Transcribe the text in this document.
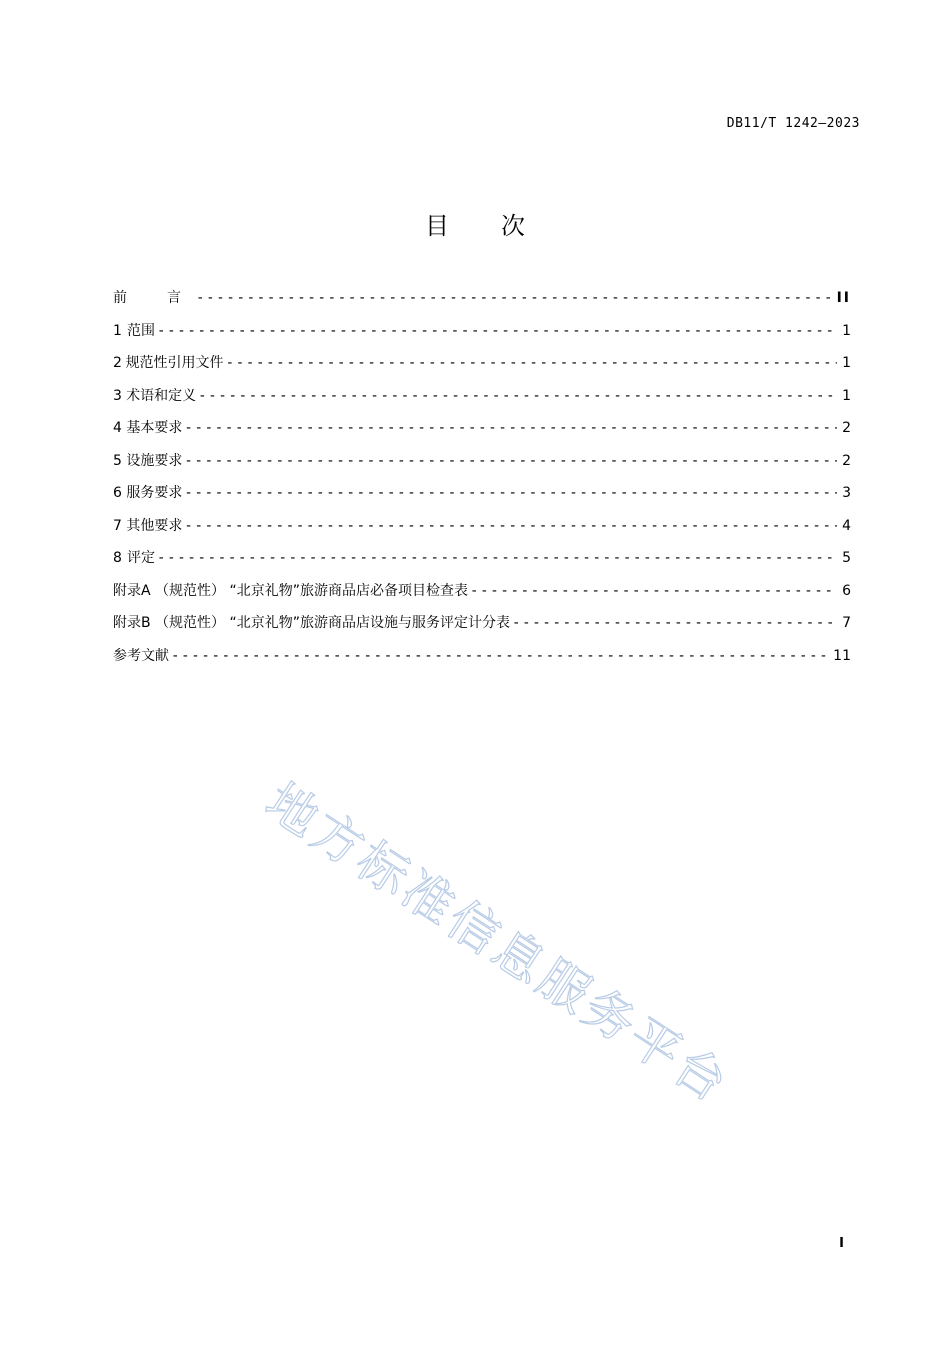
DB11/T 1242—2023
目 次
前　言 -----	II
1 范围 -----	1
2 规范性引用文件 -----	1
3 术语和定义 -----	1
4 基本要求 -----	2
5 设施要求 -----	2
6 服务要求 -----	3
7 其他要求 -----	4
8 评定 -----	5
附录A （规范性） “北京礼物”旅游商品店必备项目检查表 -----	6
附录B （规范性） “北京礼物”旅游商品店设施与服务评定计分表 -----	7
参考文献 -----	11
地方标准信息服务平台
I
